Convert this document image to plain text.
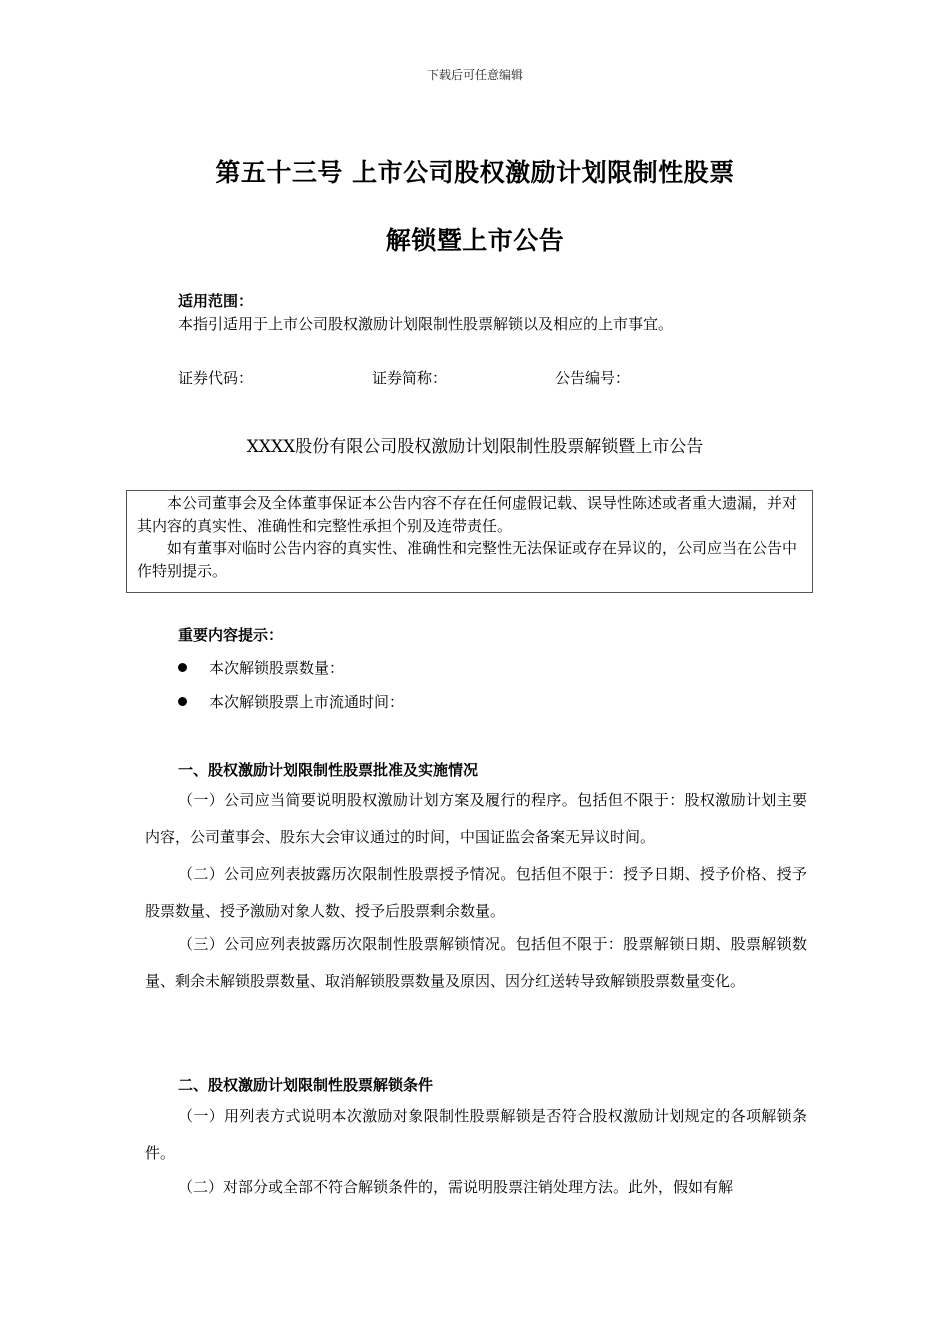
下载后可任意编辑
第五十三号 上市公司股权激励计划限制性股票
解锁暨上市公告
适用范围：
本指引适用于上市公司股权激励计划限制性股票解锁以及相应的上市事宜。
证券代码：	证券简称：	公告编号：
XXXX股份有限公司股权激励计划限制性股票解锁暨上市公告

本公司董事会及全体董事保证本公告内容不存在任何虚假记载、误导性陈述或者重大遗漏，并对其内容的真实性、准确性和完整性承担个别及连带责任。

如有董事对临时公告内容的真实性、准确性和完整性无法保证或存在异议的，公司应当在公告中作特别提示。

重要内容提示：
本次解锁股票数量：
本次解锁股票上市流通时间：
一、股权激励计划限制性股票批准及实施情况

（一）公司应当简要说明股权激励计划方案及履行的程序。包括但不限于：股权激励计划主要内容，公司董事会、股东大会审议通过的时间，中国证监会备案无异议时间。

（二）公司应列表披露历次限制性股票授予情况。包括但不限于：授予日期、授予价格、授予股票数量、授予激励对象人数、授予后股票剩余数量。

（三）公司应列表披露历次限制性股票解锁情况。包括但不限于：股票解锁日期、股票解锁数量、剩余未解锁股票数量、取消解锁股票数量及原因、因分红送转导致解锁股票数量变化。

二、股权激励计划限制性股票解锁条件

（一）用列表方式说明本次激励对象限制性股票解锁是否符合股权激励计划规定的各项解锁条件。

（二）对部分或全部不符合解锁条件的，需说明股票注销处理方法。此外，假如有解
